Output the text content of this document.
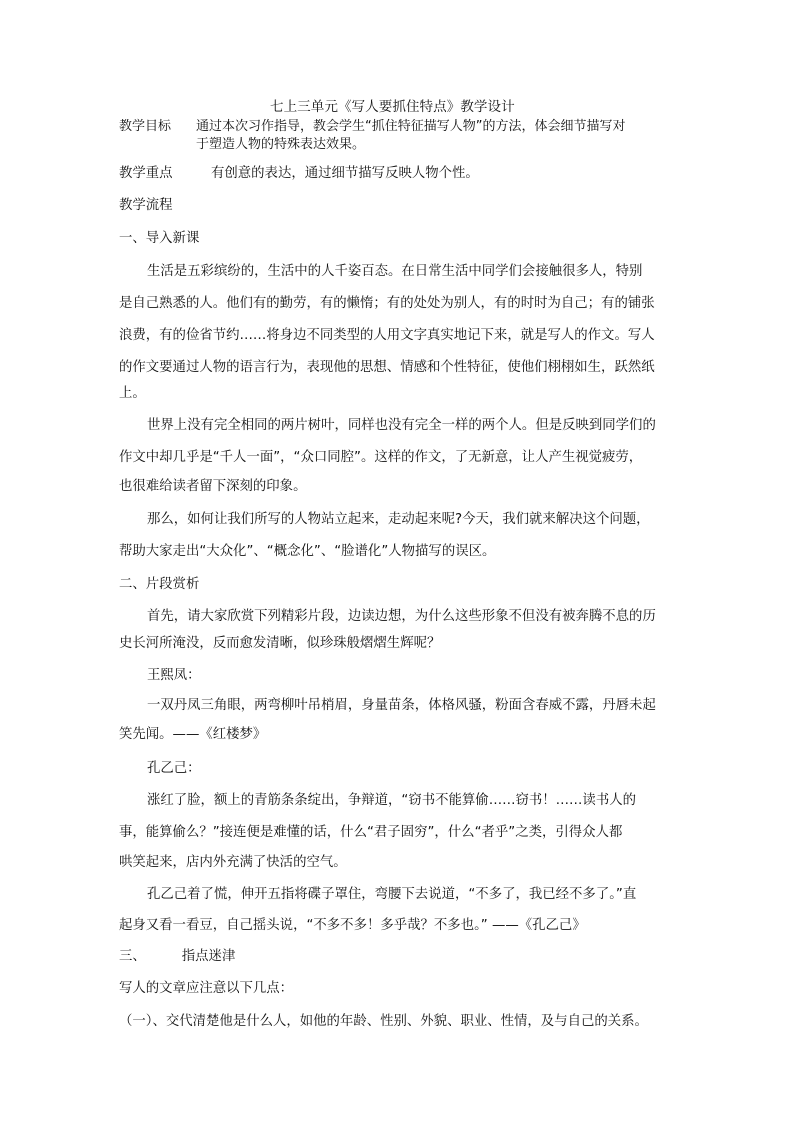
七上三单元《写人要抓住特点》教学设计
教学目标 通过本次习作指导，教会学生“抓住特征描写人物”的方法，体会细节描写对
于塑造人物的特殊表达效果。
教学重点	有创意的表达，通过细节描写反映人物个性。
教学流程
一、导入新课
生活是五彩缤纷的，生活中的人千姿百态。在日常生活中同学们会接触很多人，特别
是自己熟悉的人。他们有的勤劳，有的懒惰；有的处处为别人，有的时时为自己；有的铺张
浪费，有的俭省节约……将身边不同类型的人用文字真实地记下来，就是写人的作文。写人
的作文要通过人物的语言行为，表现他的思想、情感和个性特征，使他们栩栩如生，跃然纸
上。
世界上没有完全相同的两片树叶，同样也没有完全一样的两个人。但是反映到同学们的
作文中却几乎是“千人一面”，“众口同腔”。这样的作文，了无新意，让人产生视觉疲劳，
也很难给读者留下深刻的印象。
那么，如何让我们所写的人物站立起来，走动起来呢?今天，我们就来解决这个问题，
帮助大家走出“大众化”、“概念化”、“脸谱化”人物描写的误区。
二、片段赏析
首先，请大家欣赏下列精彩片段，边读边想，为什么这些形象不但没有被奔腾不息的历
史长河所淹没，反而愈发清晰，似珍珠般熠熠生辉呢？
王熙凤：
一双丹凤三角眼，两弯柳叶吊梢眉，身量苗条，体格风骚，粉面含春威不露，丹唇未起
笑先闻。——《红楼梦》
孔乙己：
涨红了脸，额上的青筋条条绽出，争辩道，“窃书不能算偷……窃书！……读书人的
事，能算偷么？”接连便是难懂的话，什么“君子固穷”，什么“者乎”之类，引得众人都
哄笑起来，店内外充满了快活的空气。
孔乙己着了慌，伸开五指将碟子罩住，弯腰下去说道，“不多了，我已经不多了。”直
起身又看一看豆，自己摇头说，“不多不多！多乎哉？不多也。” ——《孔乙己》
三、	指点迷津
写人的文章应注意以下几点：
（一）、交代清楚他是什么人，如他的年龄、性别、外貌、职业、性情，及与自己的关系。
